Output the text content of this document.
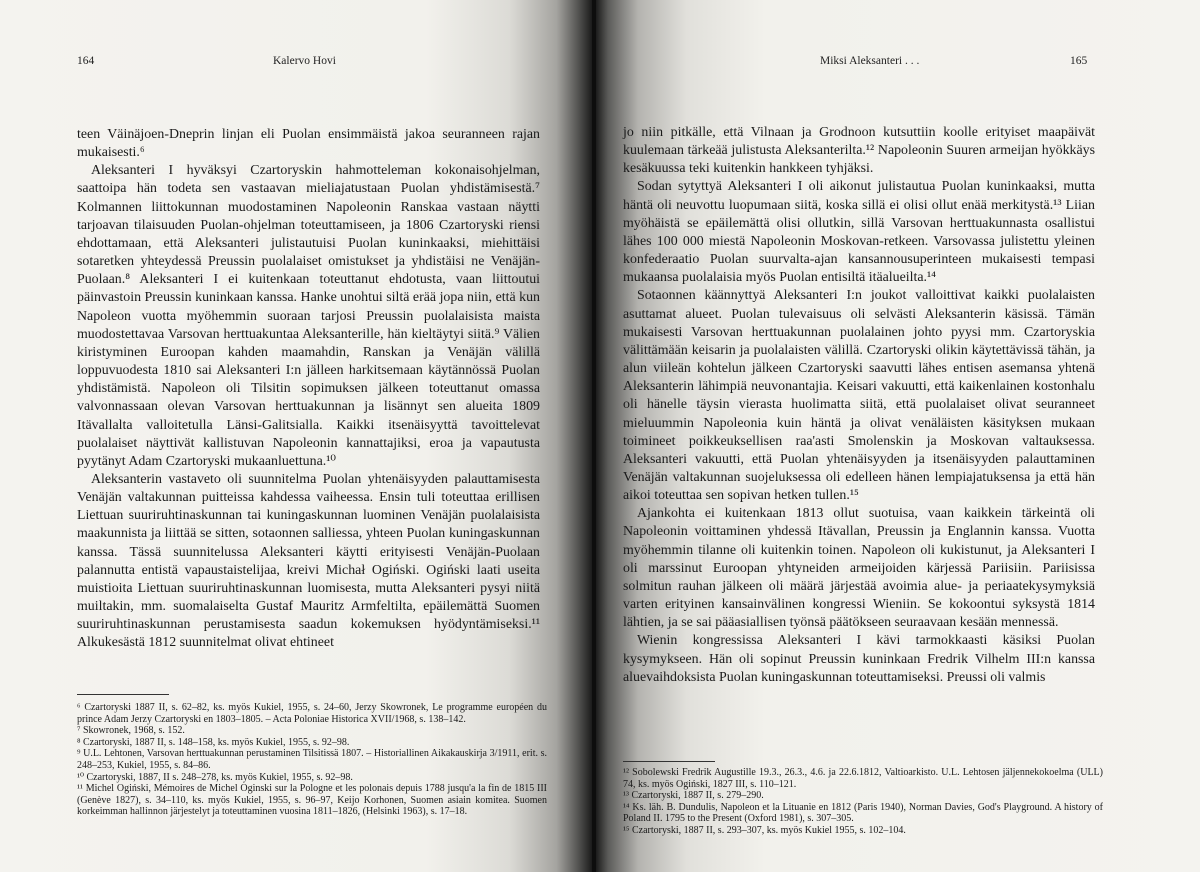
164	Kalervo Hovi

teen Väinäjoen-Dneprin linjan eli Puolan ensimmäistä jakoa seuranneen rajan mukaisesti.⁶

Aleksanteri I hyväksyi Czartoryskin hahmotteleman kokonaisohjelman, saattoipa hän todeta sen vastaavan mieliajatustaan Puolan yhdistämisestä.⁷ Kolmannen liittokunnan muodostaminen Napoleonin Ranskaa vastaan näytti tarjoavan tilaisuuden Puolan-ohjelman toteuttamiseen, ja 1806 Czartoryski riensi ehdottamaan, että Aleksanteri julistautuisi Puolan kuninkaaksi, miehittäisi sotaretken yhteydessä Preussin puolalaiset omistukset ja yhdistäisi ne Venäjän-Puolaan.⁸ Aleksanteri I ei kuitenkaan toteuttanut ehdotusta, vaan liittoutui päinvastoin Preussin kuninkaan kanssa. Hanke unohtui siltä erää jopa niin, että kun Napoleon vuotta myöhemmin suoraan tarjosi Preussin puolalaisista maista muodostettavaa Varsovan herttuakuntaa Aleksanterille, hän kieltäytyi siitä.⁹ Välien kiristyminen Euroopan kahden maamahdin, Ranskan ja Venäjän välillä loppuvuodesta 1810 sai Aleksanteri I:n jälleen harkitsemaan käytännössä Puolan yhdistämistä. Napoleon oli Tilsitin sopimuksen jälkeen toteuttanut omassa valvonnassaan olevan Varsovan herttuakunnan ja lisännyt sen alueita 1809 Itävallalta valloitetulla Länsi-Galitsialla. Kaikki itsenäisyyttä tavoittelevat puolalaiset näyttivät kallistuvan Napoleonin kannattajiksi, eroa ja vapautusta pyytänyt Adam Czartoryski mukaanluettuna.¹⁰

Aleksanterin vastaveto oli suunnitelma Puolan yhtenäisyyden palauttamisesta Venäjän valtakunnan puitteissa kahdessa vaiheessa. Ensin tuli toteuttaa erillisen Liettuan suuriruhtinaskunnan tai kuningaskunnan luominen Venäjän puolalaisista maakunnista ja liittää se sitten, sotaonnen salliessa, yhteen Puolan kuningaskunnan kanssa. Tässä suunnitelussa Aleksanteri käytti erityisesti Venäjän-Puolaan palannutta entistä vapaustaistelijaa, kreivi Michał Ogiński. Ogiński laati useita muistioita Liettuan suuriruhtinaskunnan luomisesta, mutta Aleksanteri pysyi niitä muiltakin, mm. suomalaiselta Gustaf Mauritz Armfeltilta, epäilemättä Suomen suuriruhtinaskunnan perustamisesta saadun kokemuksen hyödyntämiseksi.¹¹ Alkukesästä 1812 suunnitelmat olivat ehtineet

⁶ Czartoryski 1887 II, s. 62–82, ks. myös Kukiel, 1955, s. 24–60, Jerzy Skowronek, Le programme européen du prince Adam Jerzy Czartoryski en 1803–1805. – Acta Poloniae Historica XVII/1968, s. 138–142.

⁷ Skowronek, 1968, s. 152.

⁸ Czartoryski, 1887 II, s. 148–158, ks. myös Kukiel, 1955, s. 92–98.

⁹ U.L. Lehtonen, Varsovan herttuakunnan perustaminen Tilsitissä 1807. – Historiallinen Aikakauskirja 3/1911, erit. s. 248–253, Kukiel, 1955, s. 84–86.

¹⁰ Czartoryski, 1887, II s. 248–278, ks. myös Kukiel, 1955, s. 92–98.

¹¹ Michel Ogiński, Mémoires de Michel Oginski sur la Pologne et les polonais depuis 1788 jusqu'a la fin de 1815 III (Genève 1827), s. 34–110, ks. myös Kukiel, 1955, s. 96–97, Keijo Korhonen, Suomen asiain komitea. Suomen korkeimman hallinnon järjestelyt ja toteuttaminen vuosina 1811–1826, (Helsinki 1963), s. 17–18.

Miksi Aleksanteri . . .	165

jo niin pitkälle, että Vilnaan ja Grodnoon kutsuttiin koolle erityiset maapäivät kuulemaan tärkeää julistusta Aleksanterilta.¹² Napoleonin Suuren armeijan hyökkäys kesäkuussa teki kuitenkin hankkeen tyhjäksi.

Sodan sytyttyä Aleksanteri I oli aikonut julistautua Puolan kuninkaaksi, mutta häntä oli neuvottu luopumaan siitä, koska sillä ei olisi ollut enää merkitystä.¹³ Liian myöhäistä se epäilemättä olisi ollutkin, sillä Varsovan herttuakunnasta osallistui lähes 100 000 miestä Napoleonin Moskovan-retkeen. Varsovassa julistettu yleinen konfederaatio Puolan suurvalta-ajan kansannousuperinteen mukaisesti tempasi mukaansa puolalaisia myös Puolan entisiltä itäalueilta.¹⁴

Sotaonnen käännyttyä Aleksanteri I:n joukot valloittivat kaikki puolalaisten asuttamat alueet. Puolan tulevaisuus oli selvästi Aleksanterin käsissä. Tämän mukaisesti Varsovan herttuakunnan puolalainen johto pyysi mm. Czartoryskia välittämään keisarin ja puolalaisten välillä. Czartoryski olikin käytettävissä tähän, ja alun viileän kohtelun jälkeen Czartoryski saavutti lähes entisen asemansa yhtenä Aleksanterin lähimpiä neuvonantajia. Keisari vakuutti, että kaikenlainen kostonhalu oli hänelle täysin vierasta huolimatta siitä, että puolalaiset olivat seuranneet mieluummin Napoleonia kuin häntä ja olivat venäläisten käsityksen mukaan toimineet poikkeuksellisen raa'asti Smolenskin ja Moskovan valtauksessa. Aleksanteri vakuutti, että Puolan yhtenäisyyden ja itsenäisyyden palauttaminen Venäjän valtakunnan suojeluksessa oli edelleen hänen lempiajatuksensa ja että hän aikoi toteuttaa sen sopivan hetken tullen.¹⁵

Ajankohta ei kuitenkaan 1813 ollut suotuisa, vaan kaikkein tärkeintä oli Napoleonin voittaminen yhdessä Itävallan, Preussin ja Englannin kanssa. Vuotta myöhemmin tilanne oli kuitenkin toinen. Napoleon oli kukistunut, ja Aleksanteri I oli marssinut Euroopan yhtyneiden armeijoiden kärjessä Pariisiin. Pariisissa solmitun rauhan jälkeen oli määrä järjestää avoimia alue- ja periaatekysymyksiä varten erityinen kansainvälinen kongressi Wieniin. Se kokoontui syksystä 1814 lähtien, ja se sai pääasiallisen työnsä päätökseen seuraavaan kesään mennessä.

Wienin kongressissa Aleksanteri I kävi tarmokkaasti käsiksi Puolan kysymykseen. Hän oli sopinut Preussin kuninkaan Fredrik Vilhelm III:n kanssa aluevaihdoksista Puolan kuningaskunnan toteuttamiseksi. Preussi oli valmis

¹² Sobolewski Fredrik Augustille 19.3., 26.3., 4.6. ja 22.6.1812, Valtioarkisto. U.L. Lehtosen jäljennekokoelma (ULL) 74, ks. myös Ogiński, 1827 III, s. 110–121.

¹³ Czartoryski, 1887 II, s. 279–290.

¹⁴ Ks. läh. B. Dundulis, Napoleon et la Lituanie en 1812 (Paris 1940), Norman Davies, God's Playground. A history of Poland II. 1795 to the Present (Oxford 1981), s. 307–305.

¹⁵ Czartoryski, 1887 II, s. 293–307, ks. myös Kukiel 1955, s. 102–104.
